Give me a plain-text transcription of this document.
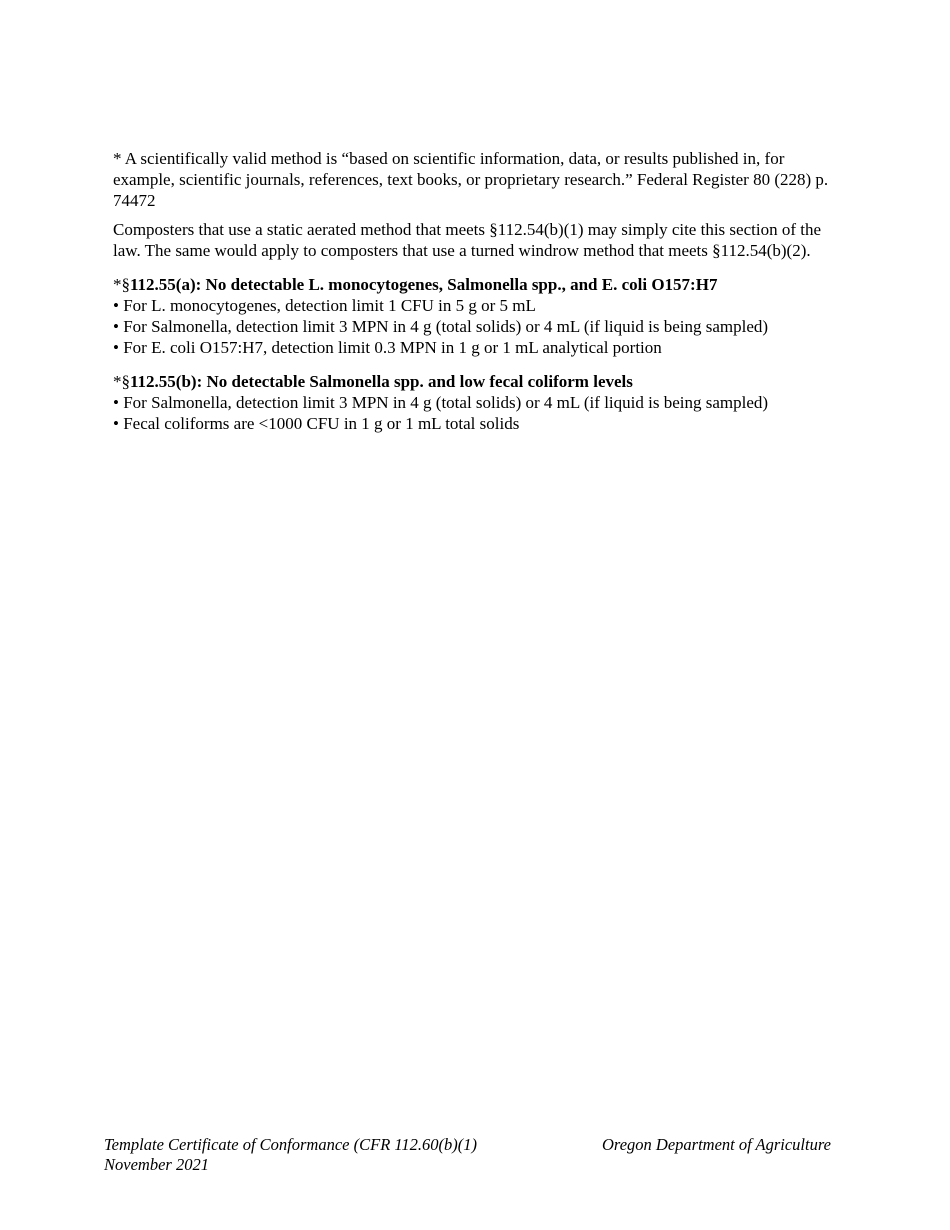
* A scientifically valid method is “based on scientific information, data, or results published in, for example, scientific journals, references, text books, or proprietary research.” Federal Register 80 (228) p. 74472

Composters that use a static aerated method that meets §112.54(b)(1) may simply cite this section of the law. The same would apply to composters that use a turned windrow method that meets §112.54(b)(2).

*§112.55(a): No detectable L. monocytogenes, Salmonella spp., and E. coli O157:H7

• For L. monocytogenes, detection limit 1 CFU in 5 g or 5 mL
• For Salmonella, detection limit 3 MPN in 4 g (total solids) or 4 mL (if liquid is being sampled)
• For E. coli O157:H7, detection limit 0.3 MPN in 1 g or 1 mL analytical portion

*§112.55(b): No detectable Salmonella spp. and low fecal coliform levels

• For Salmonella, detection limit 3 MPN in 4 g (total solids) or 4 mL (if liquid is being sampled)
• Fecal coliforms are <1000 CFU in 1 g or 1 mL total solids
Template Certificate of Conformance (CFR 112.60(b)(1)
November 2021
Oregon Department of Agriculture
